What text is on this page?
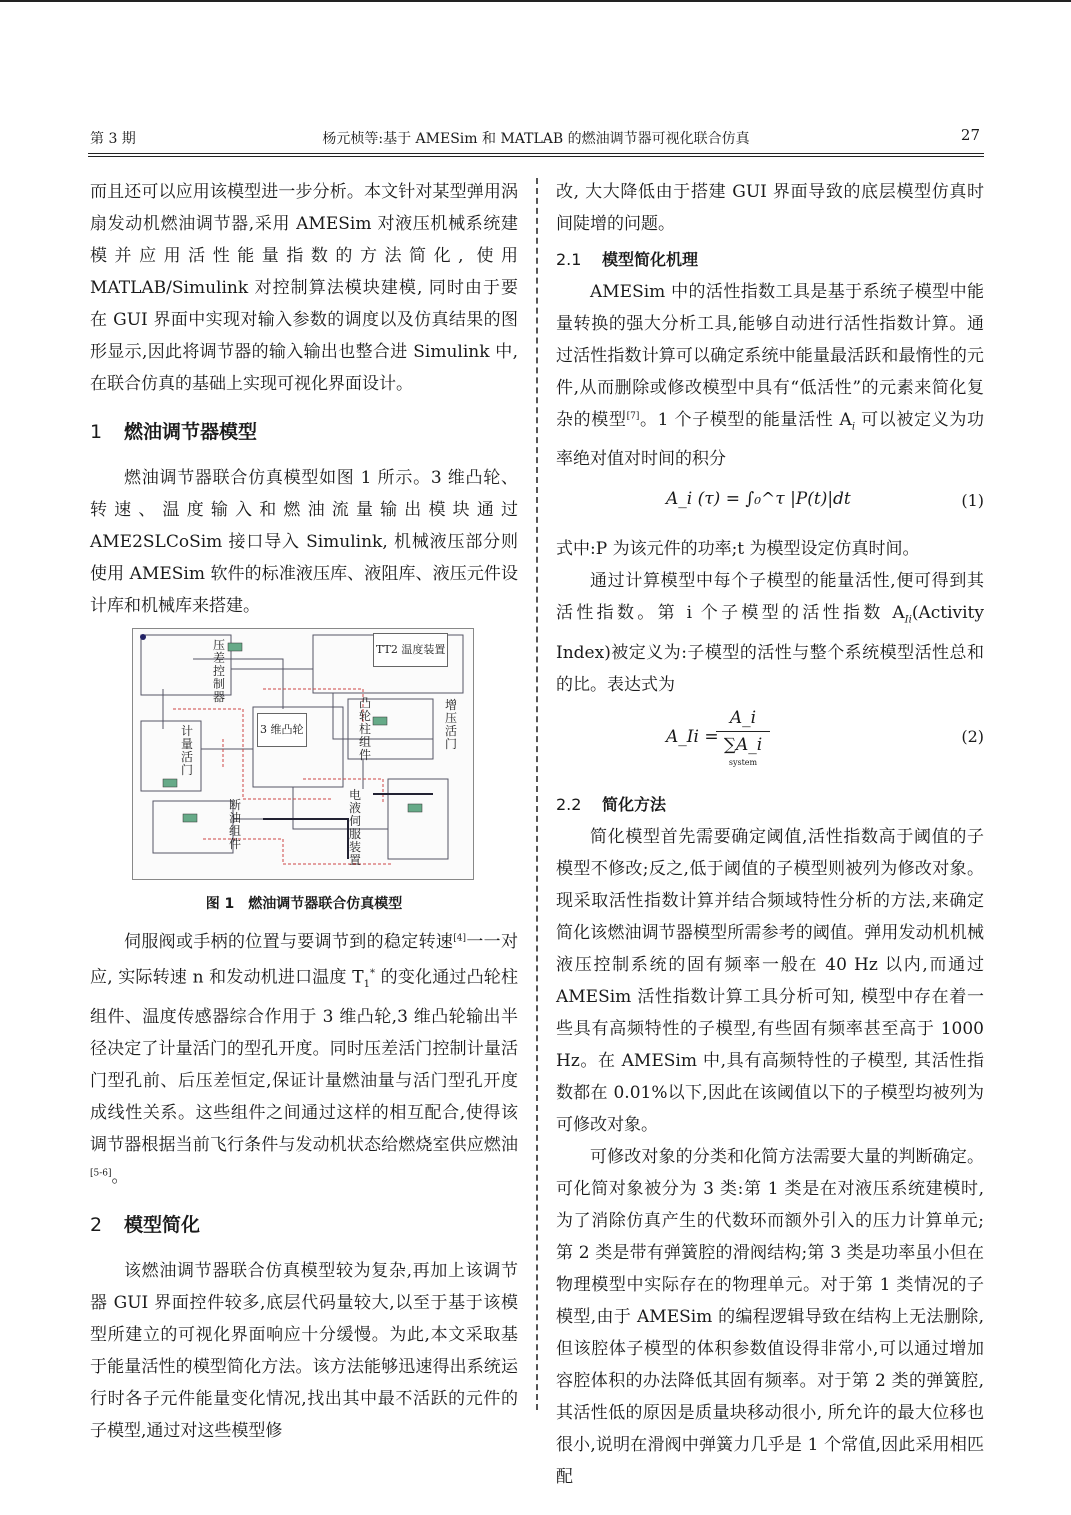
第 3 期	杨元桢等:基于 AMESim 和 MATLAB 的燃油调节器可视化联合仿真	27

而且还可以应用该模型进一步分析。本文针对某型弹用涡扇发动机燃油调节器,采用 AMESim 对液压机械系统建模并应用活性能量指数的方法简化, 使用 MATLAB/Simulink 对控制算法模块建模, 同时由于要在 GUI 界面中实现对输入参数的调度以及仿真结果的图形显示,因此将调节器的输入输出也整合进 Simulink 中, 在联合仿真的基础上实现可视化界面设计。

1 燃油调节器模型

燃油调节器联合仿真模型如图 1 所示。3 维凸轮、转速、温度输入和燃油流量输出模块通过 AME2SLCoSim 接口导入 Simulink, 机械液压部分则使用 AMESim 软件的标准液压库、液阻库、液压元件设计库和机械库来搭建。

压差控制器
TT2 温度装置
3 维凸轮
凸轮柱组件
计量活门
增压活门
断油组件
电液伺服装置
图 1　燃油调节器联合仿真模型

伺服阀或手柄的位置与要调节到的稳定转速[4]一一对应, 实际转速 n 和发动机进口温度 $T_1^*$ 的变化通过凸轮柱组件、温度传感器综合作用于 3 维凸轮,3 维凸轮输出半径决定了计量活门的型孔开度。同时压差活门控制计量活门型孔前、后压差恒定,保证计量燃油量与活门型孔开度成线性关系。这些组件之间通过这样的相互配合,使得该调节器根据当前飞行条件与发动机状态给燃烧室供应燃油[5-6]。

2 模型简化

该燃油调节器联合仿真模型较为复杂,再加上该调节器 GUI 界面控件较多,底层代码量较大,以至于基于该模型所建立的可视化界面响应十分缓慢。为此,本文采取基于能量活性的模型简化方法。该方法能够迅速得出系统运行时各子元件能量变化情况,找出其中最不活跃的元件的子模型,通过对这些模型修

改, 大大降低由于搭建 GUI 界面导致的底层模型仿真时间陡增的问题。

2.1 模型简化机理

AMESim 中的活性指数工具是基于系统子模型中能量转换的强大分析工具,能够自动进行活性指数计算。通过活性指数计算可以确定系统中能量最活跃和最惰性的元件,从而删除或修改模型中具有“低活性”的元素来简化复杂的模型[7]。1 个子模型的能量活性 $A_i$ 可以被定义为功率绝对值对时间的积分

A_i (τ) = ∫₀^τ |P(t)|dt	(1)

式中:P 为该元件的功率;t 为模型设定仿真时间。

通过计算模型中每个子模型的能量活性,便可得到其活性指数。第 i 个子模型的活性指数 $A_{Ii}(Activity$ Index)被定义为:子模型的活性与整个系统模型活性总和的比。表达式为

A_Ii =
A_i
∑A_i
system
(2)
2.2 简化方法

简化模型首先需要确定阈值,活性指数高于阈值的子模型不修改;反之,低于阈值的子模型则被列为修改对象。现采取活性指数计算并结合频域特性分析的方法,来确定简化该燃油调节器模型所需参考的阈值。弹用发动机机械液压控制系统的固有频率一般在 40 Hz 以内,而通过 AMESim 活性指数计算工具分析可知, 模型中存在着一些具有高频特性的子模型,有些固有频率甚至高于 1000 Hz。在 AMESim 中,具有高频特性的子模型, 其活性指数都在 0.01%以下,因此在该阈值以下的子模型均被列为可修改对象。

可修改对象的分类和化简方法需要大量的判断确定。可化简对象被分为 3 类:第 1 类是在对液压系统建模时,为了消除仿真产生的代数环而额外引入的压力计算单元; 第 2 类是带有弹簧腔的滑阀结构;第 3 类是功率虽小但在物理模型中实际存在的物理单元。对于第 1 类情况的子模型,由于 AMESim 的编程逻辑导致在结构上无法删除,但该腔体子模型的体积参数值设得非常小,可以通过增加容腔体积的办法降低其固有频率。对于第 2 类的弹簧腔,其活性低的原因是质量块移动很小, 所允许的最大位移也很小,说明在滑阀中弹簧力几乎是 1 个常值,因此采用相匹配
